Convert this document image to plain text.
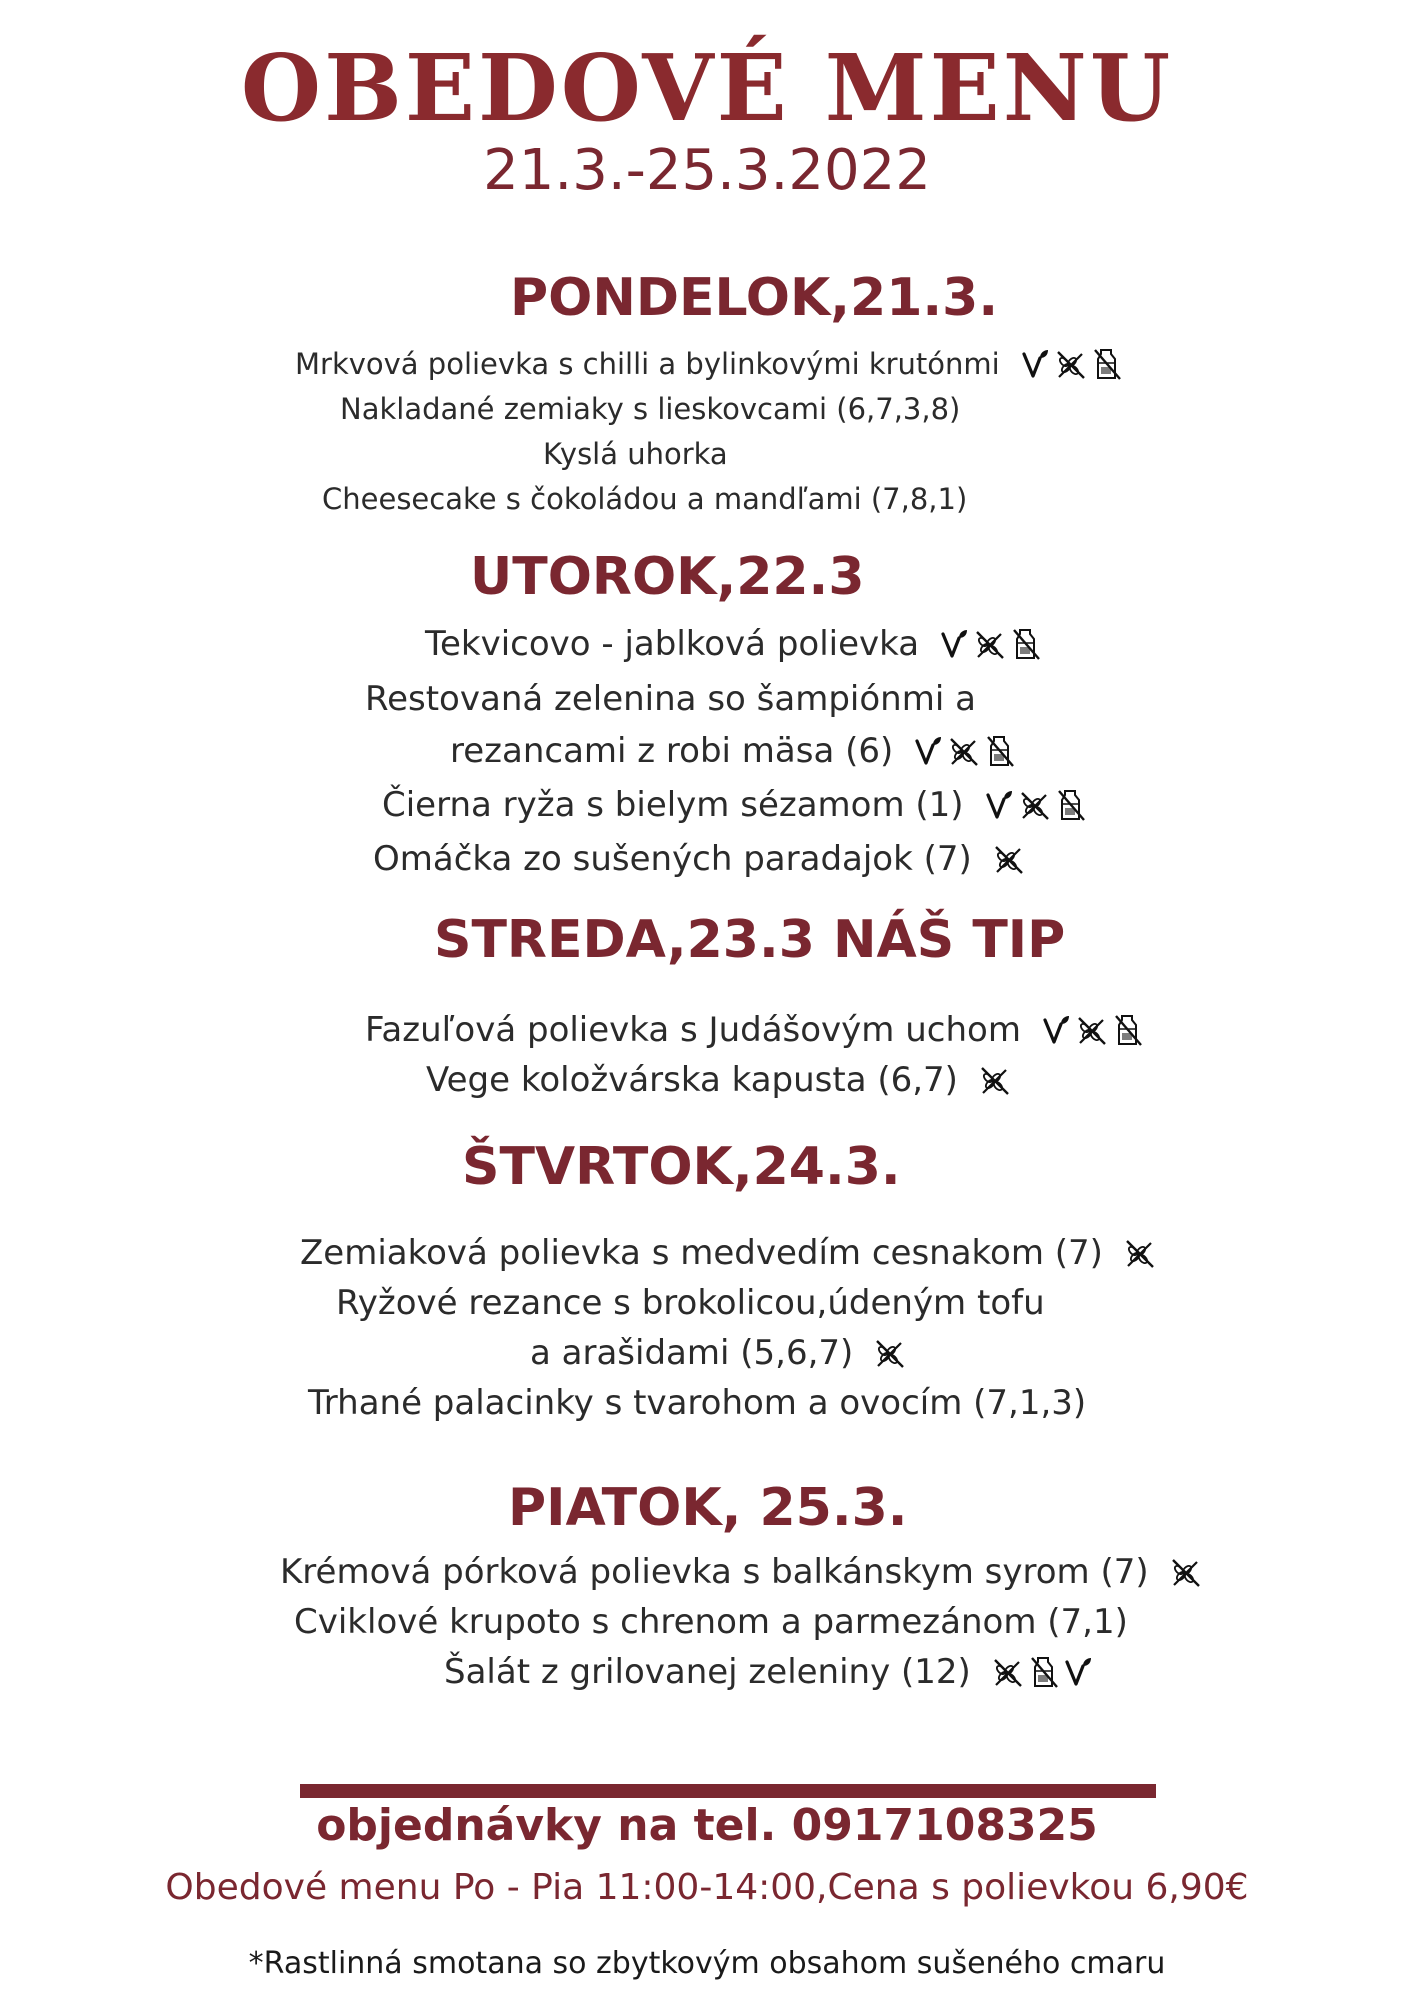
OBEDOVÉ MENU
21.3.-25.3.2022
PONDELOK,21.3.
Mrkvová polievka s chilli a bylinkovými krutónmi
Nakladané zemiaky s lieskovcami (6,7,3,8)
Kyslá uhorka
Cheesecake s čokoládou a mandľami (7,8,1)
UTOROK,22.3
Tekvicovo - jablková polievka
Restovaná zelenina so šampiónmi a
rezancami z robi mäsa (6)
Čierna ryža s bielym sézamom (1)
Omáčka zo sušených paradajok (7)
STREDA,23.3 NÁŠ TIP
Fazuľová polievka s Judášovým uchom
Vege koložvárska kapusta (6,7)
ŠTVRTOK,24.3.
Zemiaková polievka s medvedím cesnakom (7)
Ryžové rezance s brokolicou,údeným tofu
a arašidami (5,6,7)
Trhané palacinky s tvarohom a ovocím (7,1,3)
PIATOK, 25.3.
Krémová pórková polievka s balkánskym syrom (7)
Cviklové krupoto s chrenom a parmezánom (7,1)
Šalát z grilovanej zeleniny (12)
objednávky na tel. 0917108325
Obedové menu Po - Pia 11:00-14:00,Cena s polievkou 6,90€
*Rastlinná smotana so zbytkovým obsahom sušeného cmaru
